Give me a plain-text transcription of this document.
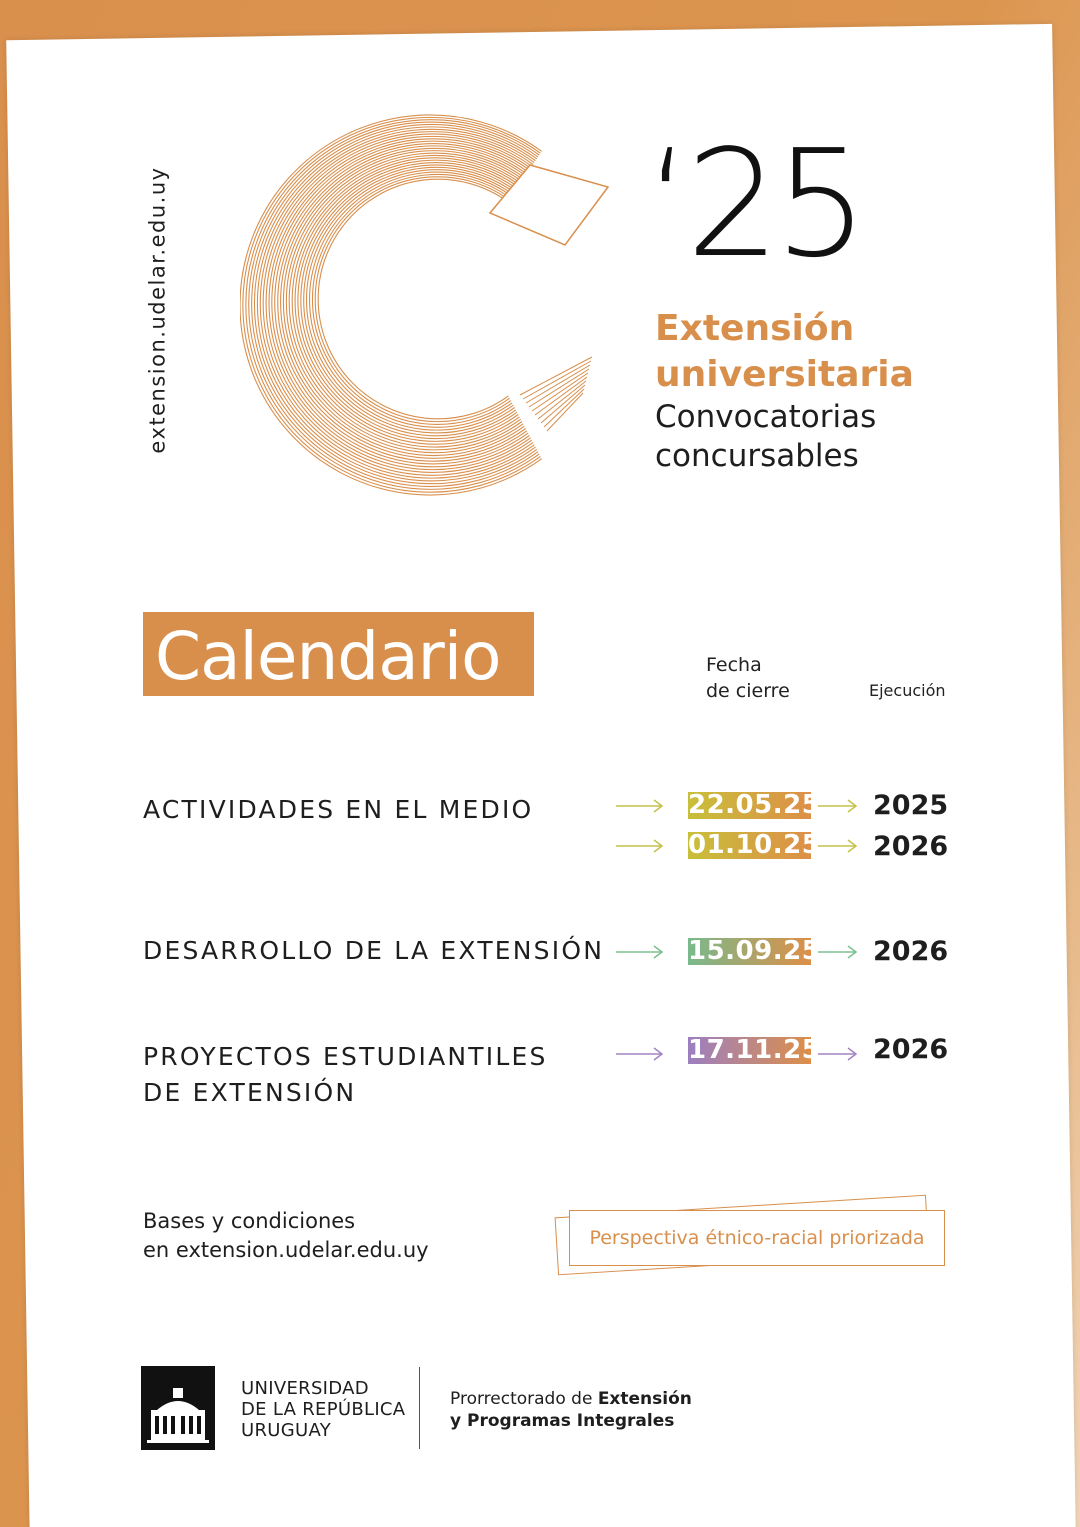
extension.udelar.edu.uy	‘25
Extensión
universitaria
Convocatorias
concursables
Calendario	Fecha
de cierre	Ejecución
ACTIVIDADES EN EL MEDIO	22.05.25 2025
01.10.25 2026
DESARROLLO DE LA EXTENSIÓN	15.09.25 2026
PROYECTOS ESTUDIANTILES
DE EXTENSIÓN
17.11.25 2026
Bases y condiciones
en extension.udelar.edu.uy	Perspectiva étnico-racial priorizada
UNIVERSIDAD
DE LA REPÚBLICA
URUGUAY
Prorrectorado de Extensión
y Programas Integrales
